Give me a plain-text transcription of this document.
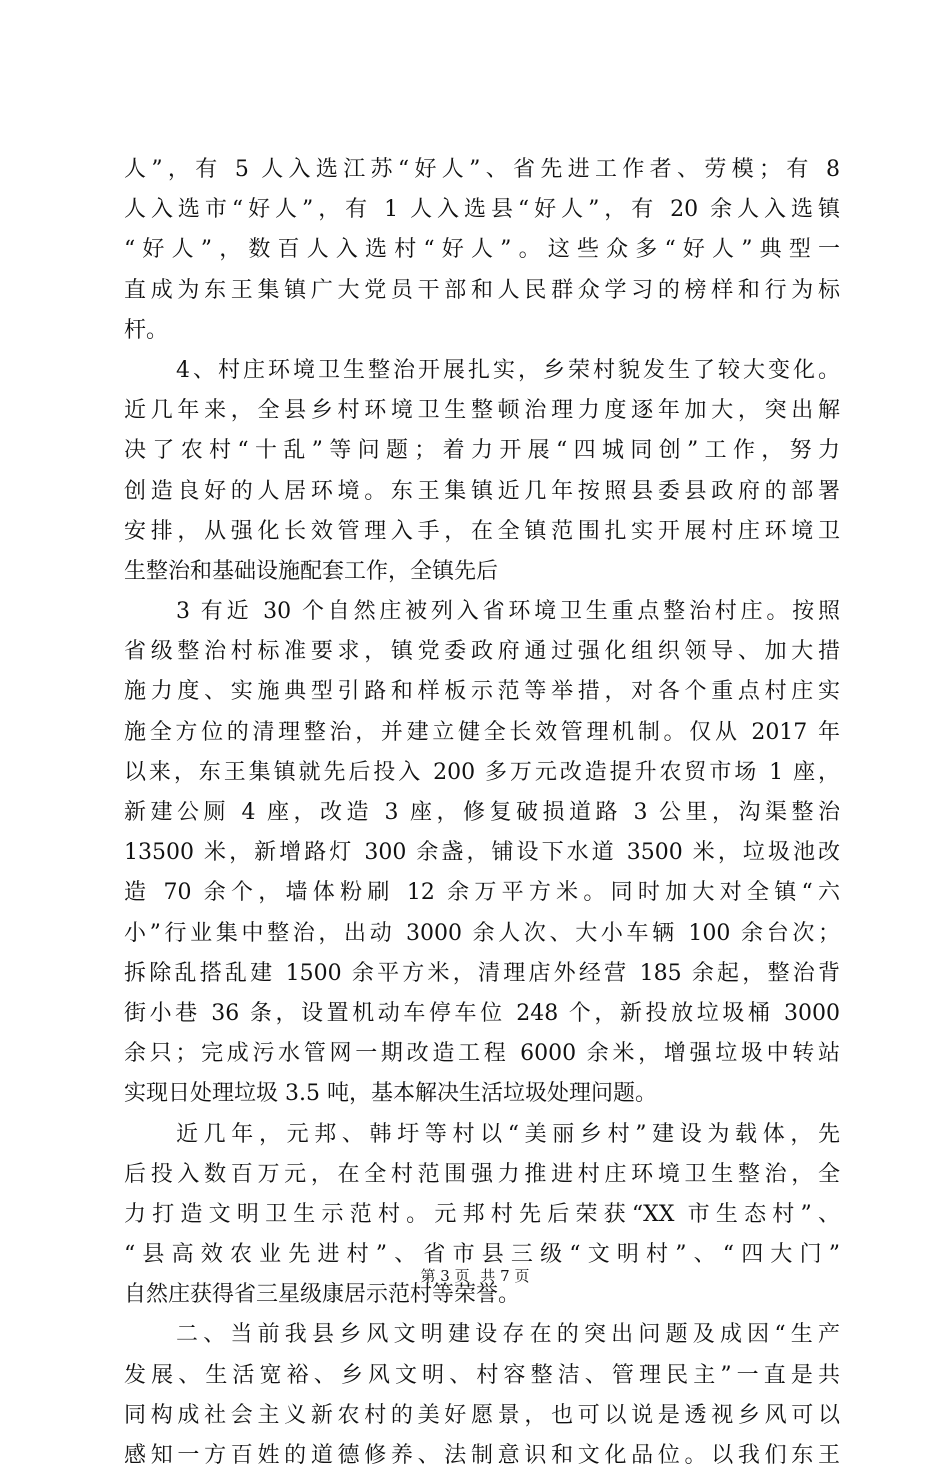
人”，有 5 人入选江苏“好人”、省先进工作者、劳模；有 8
人入选市“好人”，有 1 人入选县“好人”，有 20 余人入选镇
“好人”，数百人入选村“好人”。这些众多“好人”典型一
直成为东王集镇广大党员干部和人民群众学习的榜样和行为标
杆。
4、村庄环境卫生整治开展扎实，乡荣村貌发生了较大变化。
近几年来，全县乡村环境卫生整顿治理力度逐年加大，突出解
决了农村“十乱”等问题；着力开展“四城同创”工作，努力
创造良好的人居环境。东王集镇近几年按照县委县政府的部署
安排，从强化长效管理入手，在全镇范围扎实开展村庄环境卫
生整治和基础设施配套工作，全镇先后
3 有近 30 个自然庄被列入省环境卫生重点整治村庄。按照
省级整治村标准要求，镇党委政府通过强化组织领导、加大措
施力度、实施典型引路和样板示范等举措，对各个重点村庄实
施全方位的清理整治，并建立健全长效管理机制。仅从 2017 年
以来，东王集镇就先后投入 200 多万元改造提升农贸市场 1 座，
新建公厕 4 座，改造 3 座，修复破损道路 3 公里，沟渠整治
13500 米，新增路灯 300 余盏，铺设下水道 3500 米，垃圾池改
造 70 余个，墙体粉刷 12 余万平方米。同时加大对全镇“六
小”行业集中整治，出动 3000 余人次、大小车辆 100 余台次；
拆除乱搭乱建 1500 余平方米，清理店外经营 185 余起，整治背
街小巷 36 条，设置机动车停车位 248 个，新投放垃圾桶 3000
余只；完成污水管网一期改造工程 6000 余米，增强垃圾中转站
实现日处理垃圾 3.5 吨，基本解决生活垃圾处理问题。
近几年，元邦、韩圩等村以“美丽乡村”建设为载体，先
后投入数百万元，在全村范围强力推进村庄环境卫生整治，全
力打造文明卫生示范村。元邦村先后荣获“XX 市生态村”、
“县高效农业先进村”、省市县三级“文明村”、“四大门”
自然庄获得省三星级康居示范村等荣誉。
二、当前我县乡风文明建设存在的突出问题及成因“生产
发展、生活宽裕、乡风文明、村容整洁、管理民主”一直是共
同构成社会主义新农村的美好愿景，也可以说是透视乡风可以
感知一方百姓的道德修养、法制意识和文化品位。以我们东王
第 3 页 共 7 页
